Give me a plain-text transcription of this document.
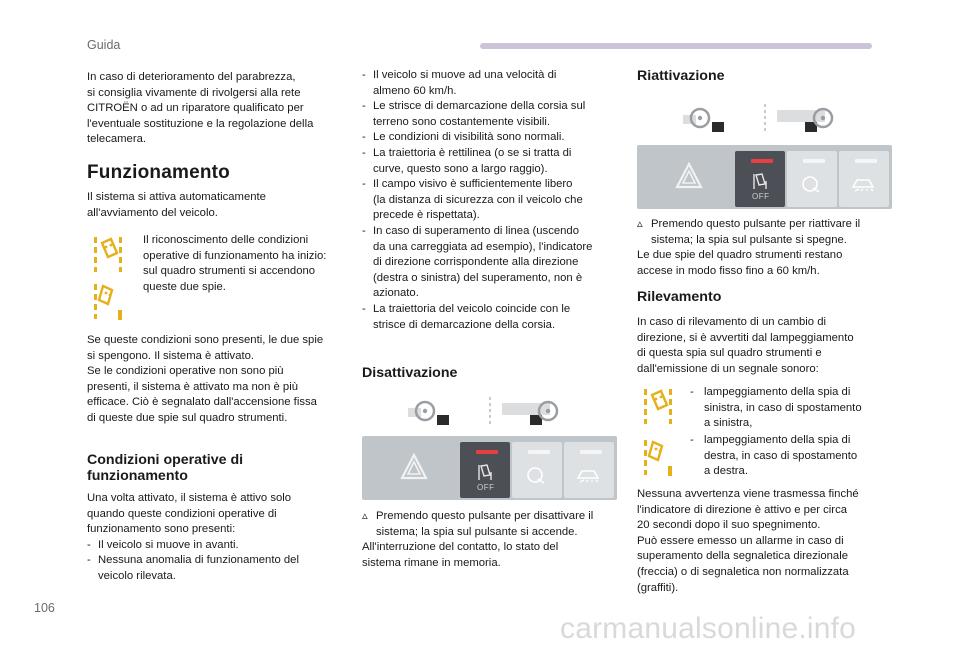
Guida

In caso di deterioramento del parabrezza,

si consiglia vivamente di rivolgersi alla rete

CITROËN o ad un riparatore qualificato per

l'eventuale sostituzione e la regolazione della

telecamera.

Funzionamento

Il sistema si attiva automaticamente

all'avviamento del veicolo.

Il riconoscimento delle condizioni

operative di funzionamento ha inizio:

sul quadro strumenti si accendono

queste due spie.

Se queste condizioni sono presenti, le due spie

si spengono. Il sistema è attivato.

Se le condizioni operative non sono più

presenti, il sistema è attivato ma non è più

efficace. Ciò è segnalato dall'accensione fissa

di queste due spie sul quadro strumenti.

Condizioni operative di
funzionamento

Una volta attivato, il sistema è attivo solo

quando queste condizioni operative di

funzionamento sono presenti:

- Il veicolo si muove in avanti.
- Nessuna anomalia di funzionamento del
veicolo rilevata.
- Il veicolo si muove ad una velocità di
almeno 60 km/h.
- Le strisce di demarcazione della corsia sul
terreno sono costantemente visibili.
- Le condizioni di visibilità sono normali.
- La traiettoria è rettilinea (o se si tratta di
curve, questo sono a largo raggio).
- Il campo visivo è sufficientemente libero
(la distanza di sicurezza con il veicolo che
precede è rispettata).
- In caso di superamento di linea (uscendo
da una carreggiata ad esempio), l'indicatore
di direzione corrispondente alla direzione
(destra o sinistra) del superamento, non è
azionato.
- La traiettoria del veicolo coincide con le
strisce di demarcazione della corsia.
Disattivazione
OFF
▵ Premendo questo pulsante per disattivare il
sistema; la spia sul pulsante si accende.

All'interruzione del contatto, lo stato del

sistema rimane in memoria.

Riattivazione
OFF
▵ Premendo questo pulsante per riattivare il
sistema; la spia sul pulsante si spegne.

Le due spie del quadro strumenti restano

accese in modo fisso fino a 60 km/h.

Rilevamento

In caso di rilevamento di un cambio di

direzione, si è avvertiti dal lampeggiamento

di questa spia sul quadro strumenti e

dall'emissione di un segnale sonoro:

- lampeggiamento della spia di
sinistra, in caso di spostamento
a sinistra,
- lampeggiamento della spia di
destra, in caso di spostamento
a destra.

Nessuna avvertenza viene trasmessa finché

l'indicatore di direzione è attivo e per circa

20 secondi dopo il suo spegnimento.

Può essere emesso un allarme in caso di

superamento della segnaletica direzionale

(freccia) o di segnaletica non normalizzata

(graffiti).

106
carmanualsonline.info
